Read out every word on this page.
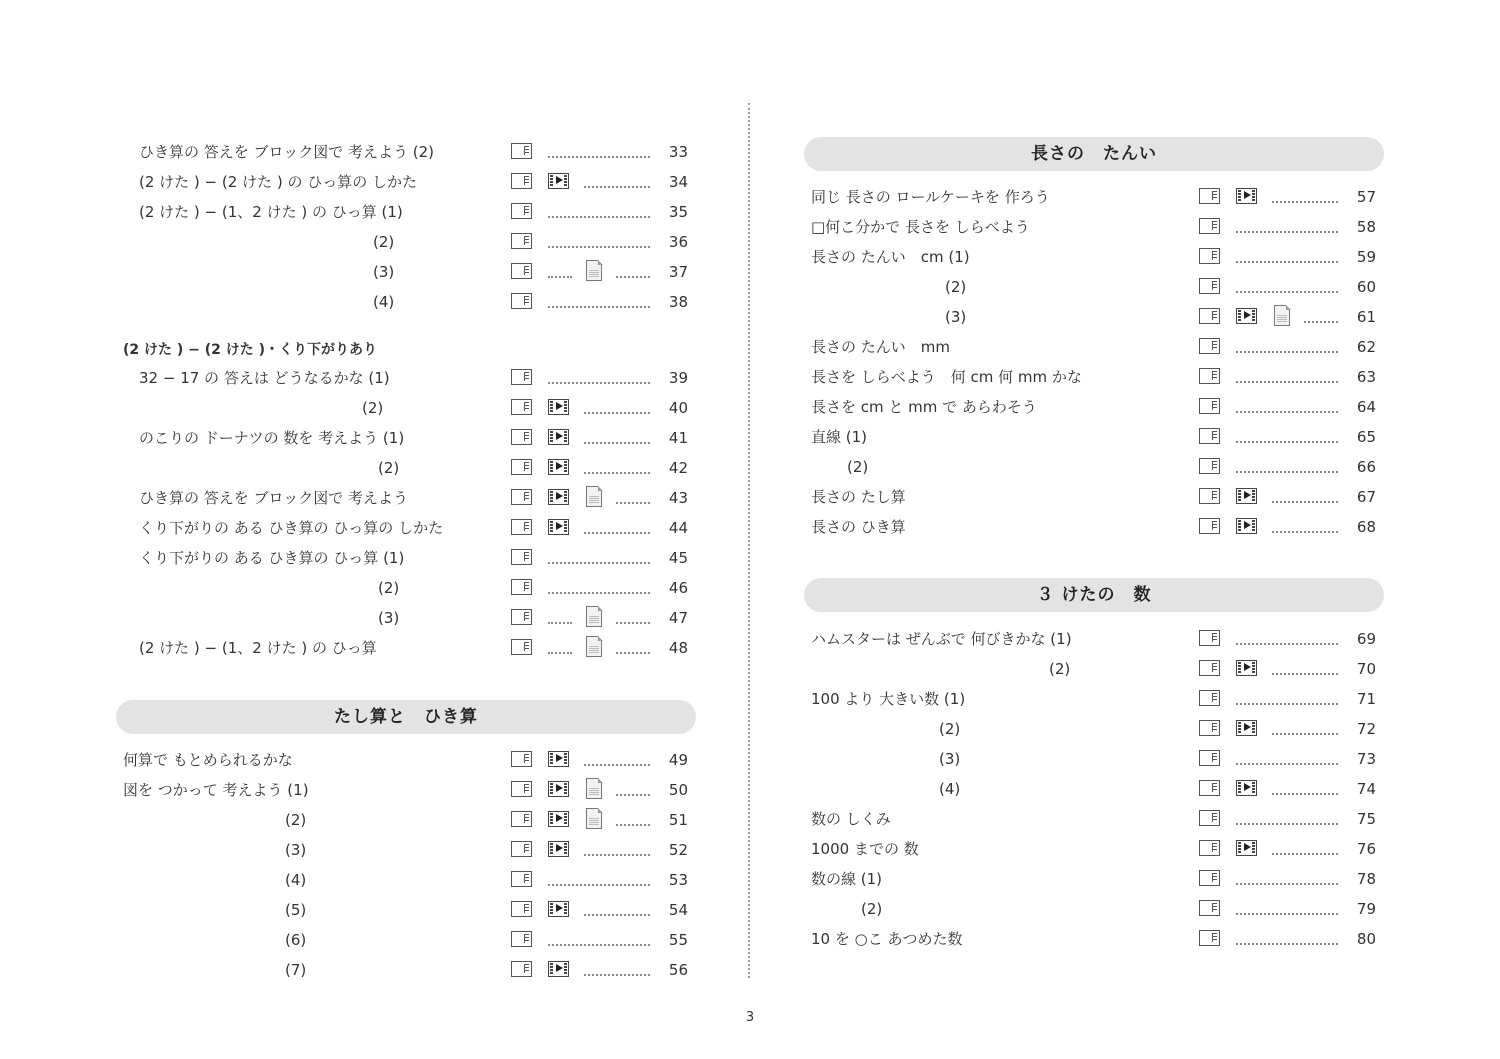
ひき算の 答えを ブロック図で 考えよう (2)	33
(2 けた ) − (2 けた ) の ひっ算の しかた	34
(2 けた ) − (1、2 けた ) の ひっ算 (1)	35
(2)	36
(3)	37
(4)	38
(2 けた ) − (2 けた )・くり下がりあり
32 − 17 の 答えは どうなるかな (1)	39
(2)	40
のこりの ドーナツの 数を 考えよう (1)	41
(2)	42
ひき算の 答えを ブロック図で 考えよう	43
くり下がりの ある ひき算の ひっ算の しかた	44
くり下がりの ある ひき算の ひっ算 (1)	45
(2)	46
(3)	47
(2 けた ) − (1、2 けた ) の ひっ算	48
たし算と　ひき算
何算で もとめられるかな	49
図を つかって 考えよう (1)	50
(2)	51
(3)	52
(4)	53
(5)	54
(6)	55
(7)	56
長さの　たんい
同じ 長さの ロールケーキを 作ろう	57
□何こ分かで 長さを しらべよう	58
長さの たんい　cm (1)	59
(2)	60
(3)	61
長さの たんい　mm	62
長さを しらべよう　何 cm 何 mm かな	63
長さを cm と mm で あらわそう	64
直線 (1)	65
(2)	66
長さの たし算	67
長さの ひき算	68
３ けたの　数
ハムスターは ぜんぶで 何びきかな (1)	69
(2)	70
100 より 大きい数 (1)	71
(2)	72
(3)	73
(4)	74
数の しくみ	75
1000 までの 数	76
数の線 (1)	78
(2)	79
10 を ○こ あつめた数	80
3
